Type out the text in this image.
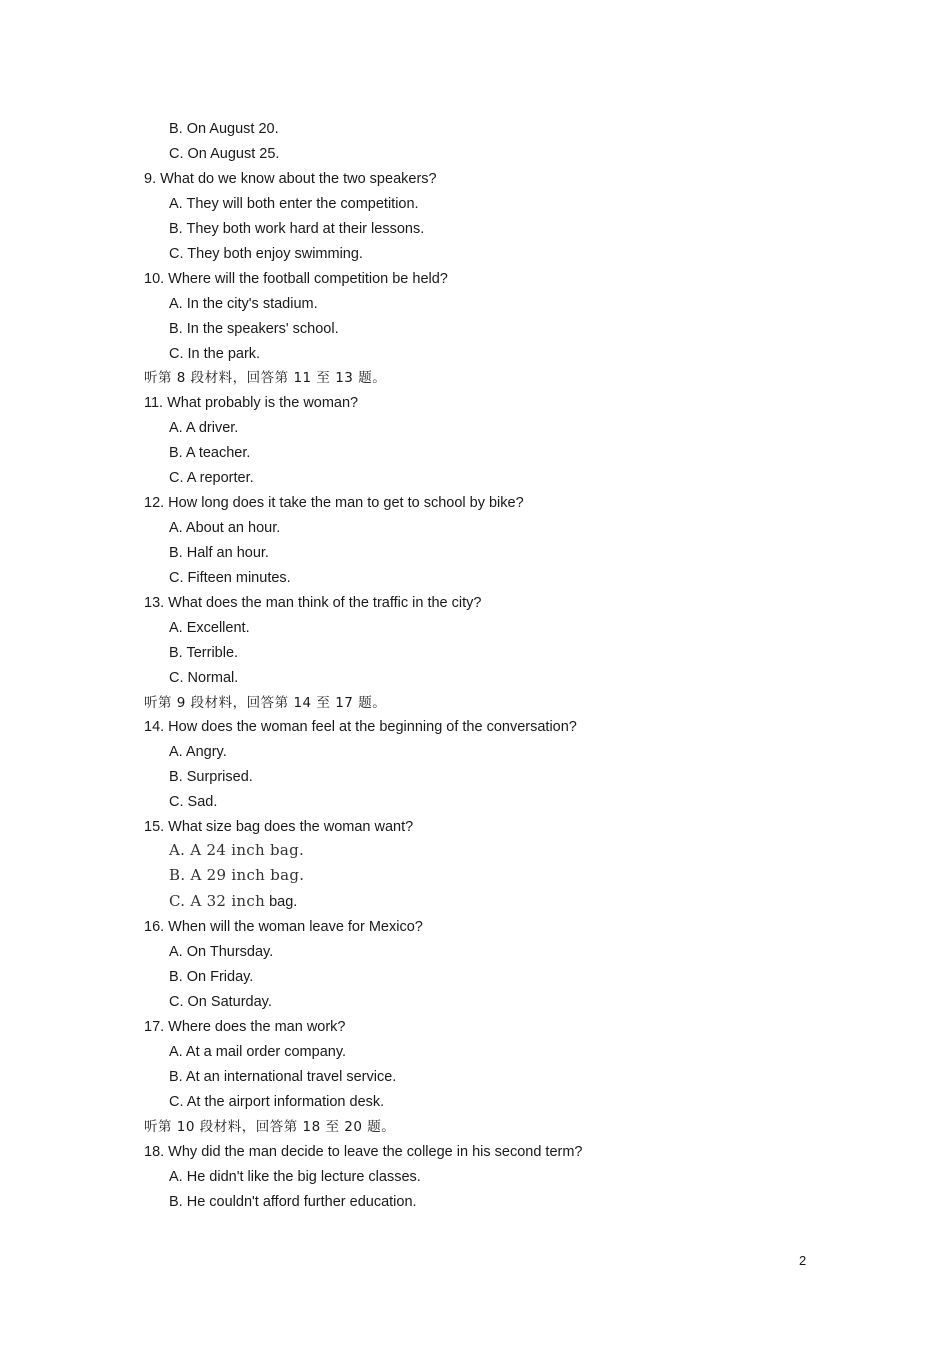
B. On August 20.
C. On August 25.
9. What do we know about the two speakers?
A. They will both enter the competition.
B. They both work hard at their lessons.
C. They both enjoy swimming.
10. Where will the football competition be held?
A. In the city's stadium.
B. In the speakers' school.
C. In the park.
听第 8 段材料，回答第 11 至 13 题。
11. What probably is the woman?
A. A driver.
B. A teacher.
C. A reporter.
12. How long does it take the man to get to school by bike?
A. About an hour.
B. Half an hour.
C. Fifteen minutes.
13. What does the man think of the traffic in the city?
A. Excellent.
B. Terrible.
C. Normal.
听第 9 段材料，回答第 14 至 17 题。
14. How does the woman feel at the beginning of the conversation?
A. Angry.
B. Surprised.
C. Sad.
15. What size bag does the woman want?
A. A 24 inch bag.
B. A 29 inch bag.
C. A 32 inch bag.
16. When will the woman leave for Mexico?
A. On Thursday.
B. On Friday.
C. On Saturday.
17. Where does the man work?
A. At a mail order company.
B. At an international travel service.
C. At the airport information desk.
听第 10 段材料，回答第 18 至 20 题。
18. Why did the man decide to leave the college in his second term?
A. He didn't like the big lecture classes.
B. He couldn't afford further education.
2
